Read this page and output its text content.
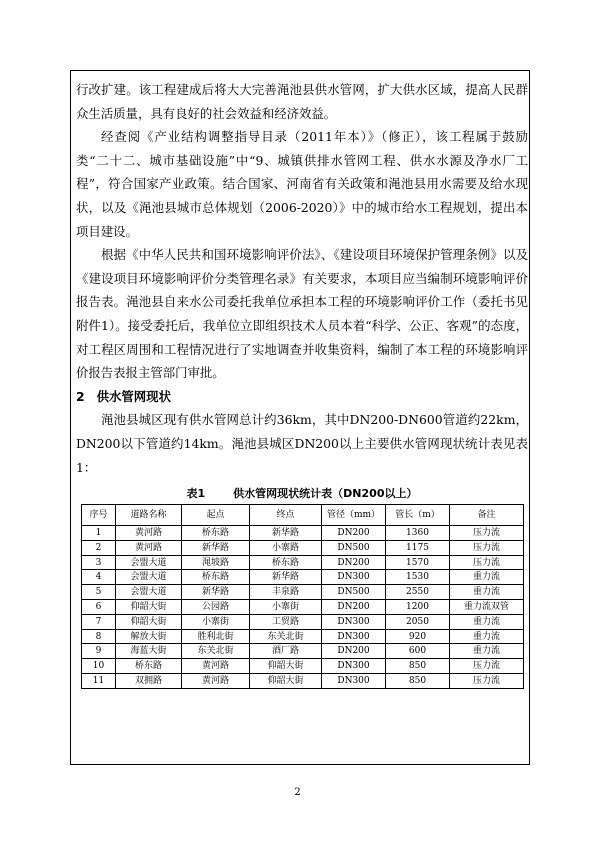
行改扩建。该工程建成后将大大完善渑池县供水管网，扩大供水区域，提高人民群众生活质量，具有良好的社会效益和经济效益。

经查阅《产业结构调整指导目录（2011年本）》（修正），该工程属于鼓励类“二十二、城市基础设施”中“9、城镇供排水管网工程、供水水源及净水厂工程”，符合国家产业政策。结合国家、河南省有关政策和渑池县用水需要及给水现状，以及《渑池县城市总体规划（2006-2020）》中的城市给水工程规划，提出本项目建设。

根据《中华人民共和国环境影响评价法》、《建设项目环境保护管理条例》以及《建设项目环境影响评价分类管理名录》有关要求，本项目应当编制环境影响评价报告表。渑池县自来水公司委托我单位承担本工程的环境影响评价工作（委托书见附件1）。接受委托后，我单位立即组织技术人员本着“科学、公正、客观”的态度，对工程区周围和工程情况进行了实地调查并收集资料，编制了本工程的环境影响评价报告表报主管部门审批。

2 供水管网现状

渑池县城区现有供水管网总计约36km，其中DN200-DN600管道约22km，DN200以下管道约14km。渑池县城区DN200以上主要供水管网现状统计表见表1：

表1	供水管网现状统计表（DN200以上）
序号	道路名称	起点	终点	管径（mm）	管长（m）	备注
1	黄河路	桥东路	新华路	DN200	1360	压力流
2	黄河路	新华路	小寨路	DN500	1175	压力流
3	会盟大道	渑坡路	桥东路	DN200	1570	压力流
4	会盟大道	桥东路	新华路	DN300	1530	重力流
5	会盟大道	新华路	丰泉路	DN500	2550	重力流
6	仰韶大街	公园路	小寨街	DN200	1200	重力流双管
7	仰韶大街	小寨街	工贸路	DN300	2050	重力流
8	解放大街	胜利北街	东关北街	DN300	920	重力流
9	海蓝大街	东关北街	酒厂路	DN200	600	重力流
10	桥东路	黄河路	仰韶大街	DN300	850	压力流
11	双拥路	黄河路	仰韶大街	DN300	850	压力流
2
